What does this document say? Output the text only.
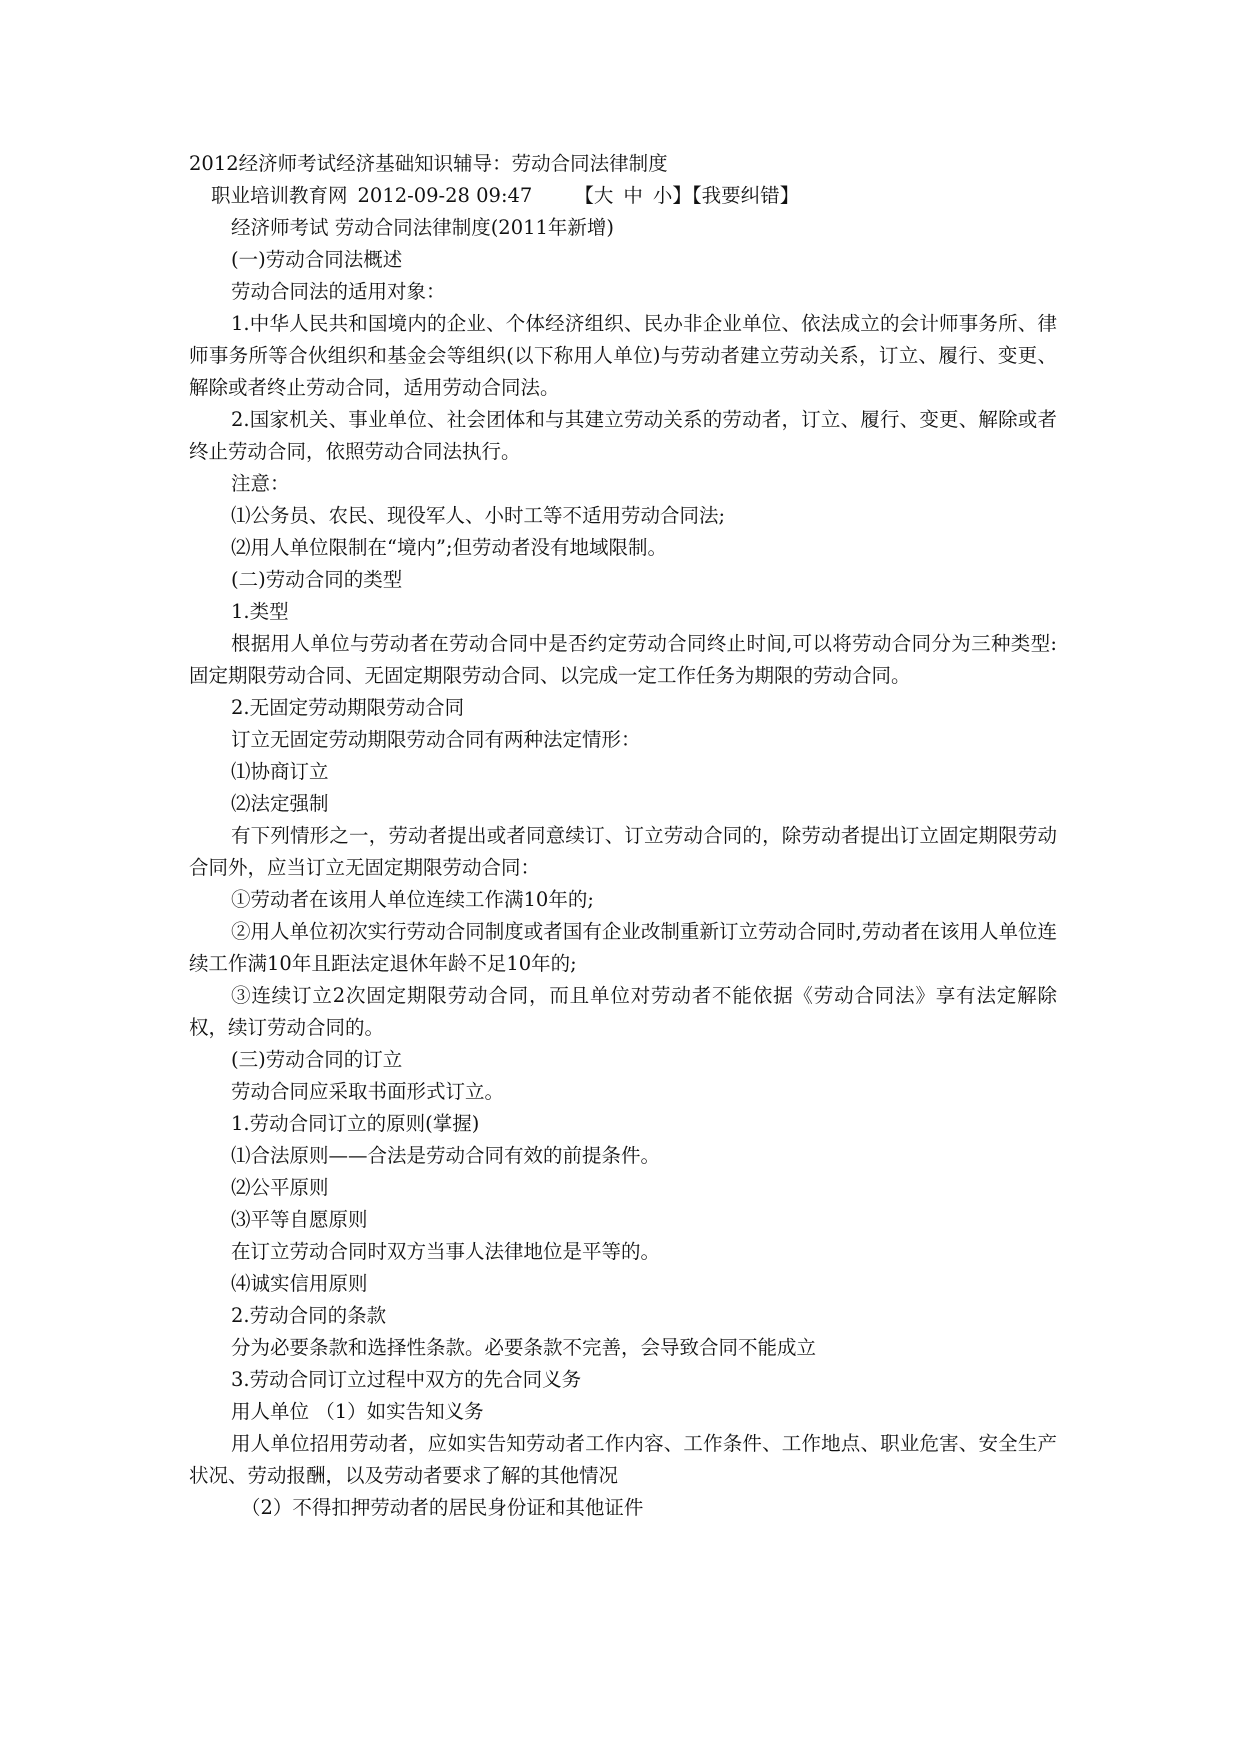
2012经济师考试经济基础知识辅导：劳动合同法律制度
职业培训教育网 2012-09-28 09:47 【 大 中 小 】【我要纠错】
经济师考试 劳动合同法律制度(2011年新增)
(一)劳动合同法概述
劳动合同法的适用对象：
1.中华人民共和国境内的企业、个体经济组织、民办非企业单位、依法成立的会计师事务所、律师事务所等合伙组织和基金会等组织(以下称用人单位)与劳动者建立劳动关系，订立、履行、变更、解除或者终止劳动合同，适用劳动合同法。
2.国家机关、事业单位、社会团体和与其建立劳动关系的劳动者，订立、履行、变更、解除或者终止劳动合同，依照劳动合同法执行。
注意：
⑴公务员、农民、现役军人、小时工等不适用劳动合同法;
⑵用人单位限制在“境内”;但劳动者没有地域限制。
(二)劳动合同的类型
1.类型
根据用人单位与劳动者在劳动合同中是否约定劳动合同终止时间,可以将劳动合同分为三种类型:固定期限劳动合同、无固定期限劳动合同、以完成一定工作任务为期限的劳动合同。
2.无固定劳动期限劳动合同
订立无固定劳动期限劳动合同有两种法定情形：
⑴协商订立
⑵法定强制
有下列情形之一，劳动者提出或者同意续订、订立劳动合同的，除劳动者提出订立固定期限劳动合同外，应当订立无固定期限劳动合同：
①劳动者在该用人单位连续工作满10年的;
②用人单位初次实行劳动合同制度或者国有企业改制重新订立劳动合同时,劳动者在该用人单位连续工作满10年且距法定退休年龄不足10年的;
③连续订立2次固定期限劳动合同，而且单位对劳动者不能依据《劳动合同法》享有法定解除权，续订劳动合同的。
(三)劳动合同的订立
劳动合同应采取书面形式订立。
1.劳动合同订立的原则(掌握)
⑴合法原则——合法是劳动合同有效的前提条件。
⑵公平原则
⑶平等自愿原则
在订立劳动合同时双方当事人法律地位是平等的。
⑷诚实信用原则
2.劳动合同的条款
分为必要条款和选择性条款。必要条款不完善，会导致合同不能成立
3.劳动合同订立过程中双方的先合同义务
用人单位 （1）如实告知义务
用人单位招用劳动者，应如实告知劳动者工作内容、工作条件、工作地点、职业危害、安全生产状况、劳动报酬，以及劳动者要求了解的其他情况
（2）不得扣押劳动者的居民身份证和其他证件
